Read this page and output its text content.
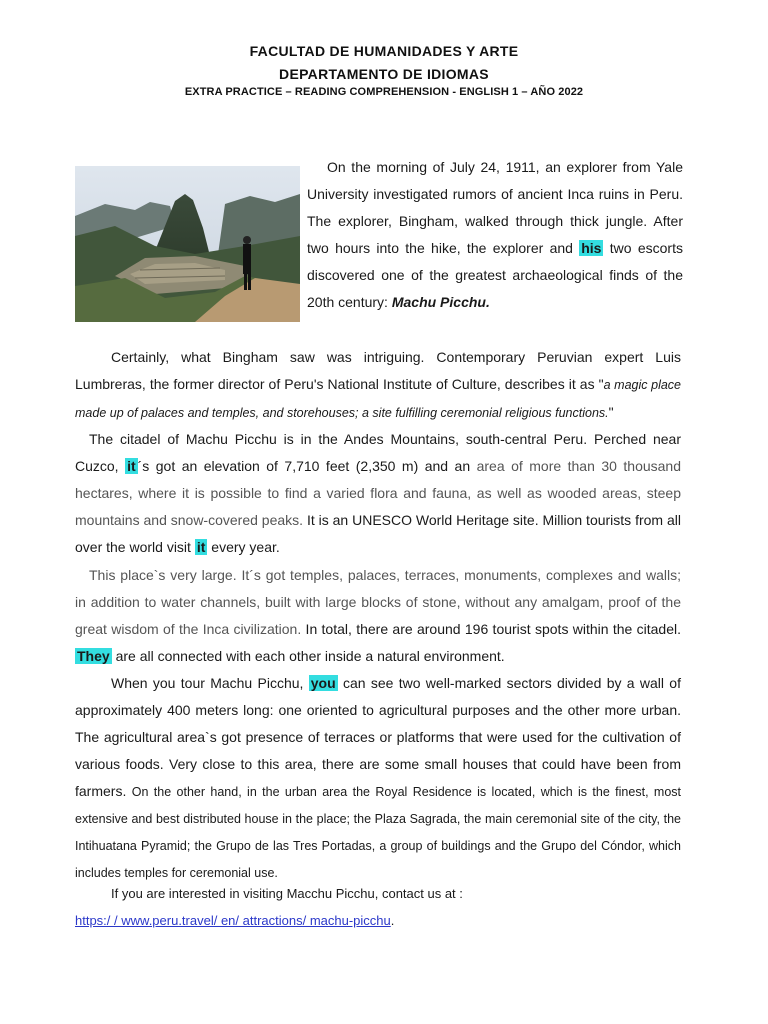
FACULTAD DE HUMANIDADES Y ARTE
DEPARTAMENTO DE IDIOMAS
EXTRA PRACTICE – READING COMPREHENSION - ENGLISH 1 – AÑO 2022

On the morning of July 24, 1911, an explorer from Yale University investigated rumors of ancient Inca ruins in Peru. The explorer, Bingham, walked through thick jungle. After two hours into the hike, the explorer and his two escorts discovered one of the greatest archaeological finds of the 20th century: Machu Picchu.

Certainly, what Bingham saw was intriguing. Contemporary Peruvian expert Luis Lumbreras, the former director of Peru's National Institute of Culture, describes it as "a magic place made up of palaces and temples, and storehouses; a site fulfilling ceremonial religious functions."

The citadel of Machu Picchu is in the Andes Mountains, south-central Peru. Perched near Cuzco, it ´s got an elevation of 7,710 feet (2,350 m) and an area of more than 30 thousand hectares, where it is possible to find a varied flora and fauna, as well as wooded areas, steep mountains and snow-covered peaks. It is an UNESCO World Heritage site. Million tourists from all over the world visit it every year.

This place`s very large. It´s got temples, palaces, terraces, monuments, complexes and walls; in addition to water channels, built with large blocks of stone, without any amalgam, proof of the great wisdom of the Inca civilization. In total, there are around 196 tourist spots within the citadel. They are all connected with each other inside a natural environment.

When you tour Machu Picchu, you can see two well-marked sectors divided by a wall of approximately 400 meters long: one oriented to agricultural purposes and the other more urban. The agricultural area`s got presence of terraces or platforms that were used for the cultivation of various foods. Very close to this area, there are some small houses that could have been from farmers. On the other hand, in the urban area the Royal Residence is located, which is the finest, most extensive and best distributed house in the place; the Plaza Sagrada, the main ceremonial site of the city, the Intihuatana Pyramid; the Grupo de las Tres Portadas, a group of buildings and the Grupo del Cóndor, which includes temples for ceremonial use.

If you are interested in visiting Macchu Picchu, contact us at :
https:/ / www.peru.travel/ en/ attractions/ machu-picchu.
